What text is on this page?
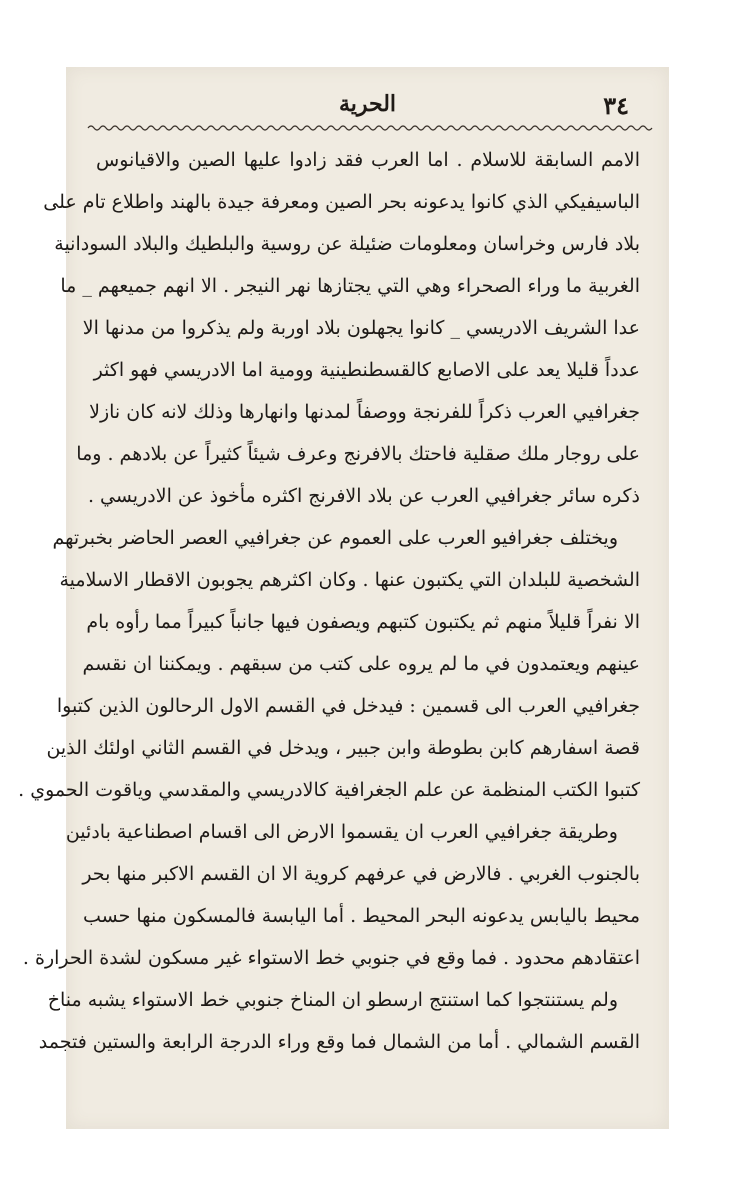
٣٤
الحرية
الامم السابقة للاسلام . اما العرب فقد زادوا عليها الصين والاقيانوس
الباسيفيكي الذي كانوا يدعونه بحر الصين ومعرفة جيدة بالهند واطلاع تام على
بلاد فارس وخراسان ومعلومات ضئيلة عن روسية والبلطيك والبلاد السودانية
الغربية ما وراء الصحراء وهي التي يجتازها نهر النيجر . الا انهم جميعهم _ ما
عدا الشريف الادريسي _ كانوا يجهلون بلاد اوربة ولم يذكروا من مدنها الا
عدداً قليلا يعد على الاصابع كالقسطنطينية وومية اما الادريسي فهو اكثر
جغرافيي العرب ذكراً للفرنجة ووصفاً لمدنها وانهارها وذلك لانه كان نازلا
على روجار ملك صقلية فاحتك بالافرنج وعرف شيئاً كثيراً عن بلادهم . وما
ذكره سائر جغرافيي العرب عن بلاد الافرنج اكثره مأخوذ عن الادريسي .
ويختلف جغرافيو العرب على العموم عن جغرافيي العصر الحاضر بخبرتهم
الشخصية للبلدان التي يكتبون عنها . وكان اكثرهم يجوبون الاقطار الاسلامية
الا نفراً قليلاً منهم ثم يكتبون كتبهم ويصفون فيها جانباً كبيراً مما رأوه بام
عينهم ويعتمدون في ما لم يروه على كتب من سبقهم . ويمكننا ان نقسم
جغرافيي العرب الى قسمين : فيدخل في القسم الاول الرحالون الذين كتبوا
قصة اسفارهم كابن بطوطة وابن جبير ، ويدخل في القسم الثاني اولئك الذين
كتبوا الكتب المنظمة عن علم الجغرافية كالادريسي والمقدسي وياقوت الحموي .
وطريقة جغرافيي العرب ان يقسموا الارض الى اقسام اصطناعية بادئين
بالجنوب الغربي . فالارض في عرفهم كروية الا ان القسم الاكبر منها بحر
محيط باليابس يدعونه البحر المحيط . أما اليابسة فالمسكون منها حسب
اعتقادهم محدود . فما وقع في جنوبي خط الاستواء غير مسكون لشدة الحرارة .
ولم يستنتجوا كما استنتج ارسطو ان المناخ جنوبي خط الاستواء يشبه مناخ
القسم الشمالي . أما من الشمال فما وقع وراء الدرجة الرابعة والستين فتجمد
